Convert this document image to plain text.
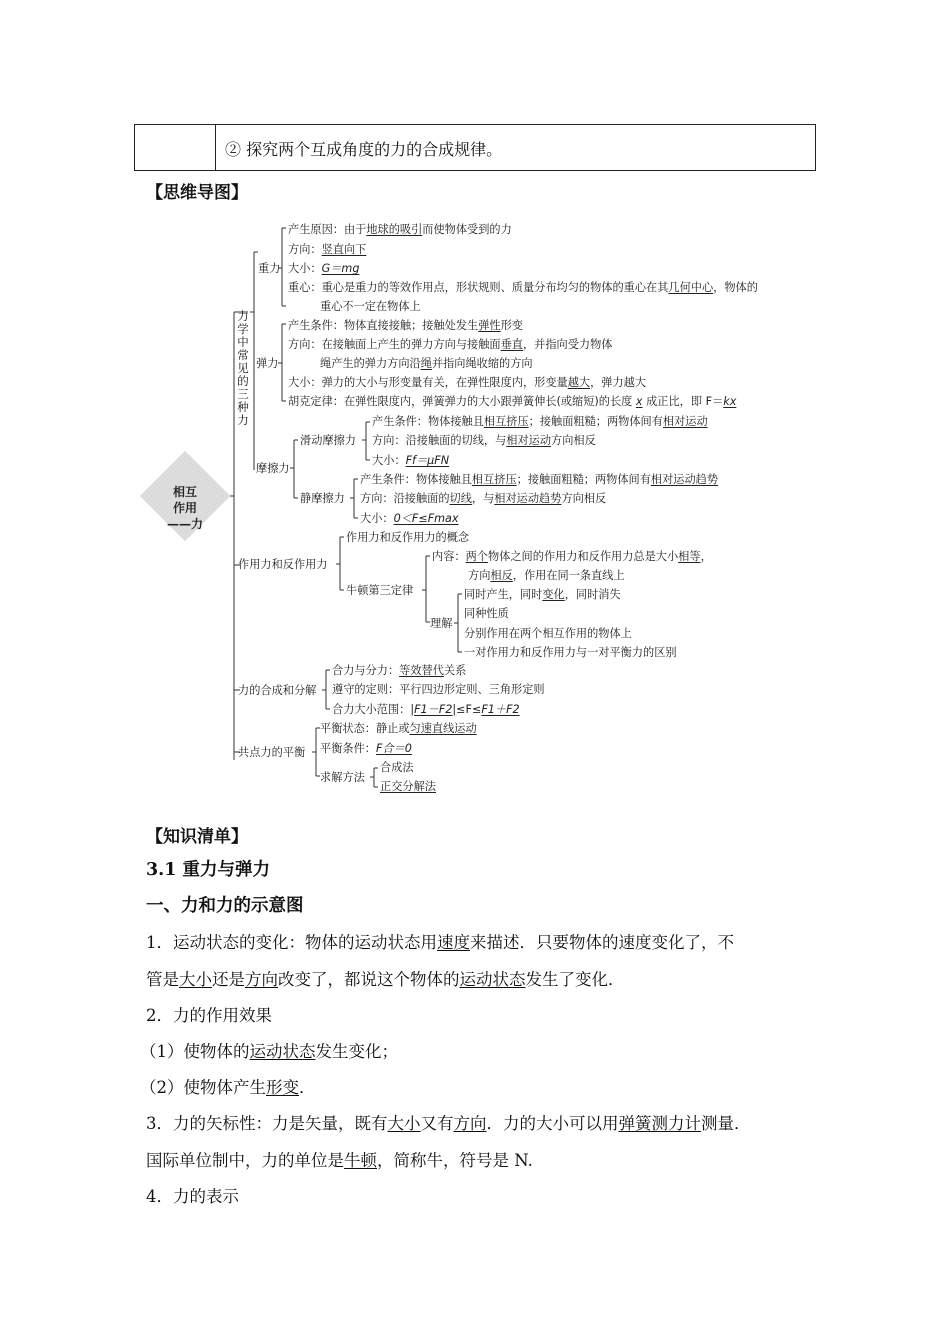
② 探究两个互成角度的力的合成规律。
【思维导图】
相互
作用
——力
力学中常见的三种力
重力
产生原因：由于地球的吸引而使物体受到的力
方向：竖直向下
大小：G＝mg
重心：重心是重力的等效作用点，形状规则、质量分布均匀的物体的重心在其几何中心，物体的
重心不一定在物体上
弹力
产生条件：物体直接接触；接触处发生弹性形变
方向：在接触面上产生的弹力方向与接触面垂直，并指向受力物体
绳产生的弹力方向沿绳并指向绳收缩的方向
大小：弹力的大小与形变量有关，在弹性限度内，形变量越大，弹力越大
胡克定律：在弹性限度内，弹簧弹力的大小跟弹簧伸长(或缩短)的长度 x 成正比，即 F＝kx
摩擦力
滑动摩擦力
产生条件：物体接触且相互挤压；接触面粗糙；两物体间有相对运动
方向：沿接触面的切线，与相对运动方向相反
大小：Ff＝μFN
静摩擦力
产生条件：物体接触且相互挤压；接触面粗糙；两物体间有相对运动趋势
方向：沿接触面的切线，与相对运动趋势方向相反
大小：0＜F≤Fmax
作用力和反作用力
作用力和反作用力的概念
牛顿第三定律
内容：两个物体之间的作用力和反作用力总是大小相等，
方向相反，作用在同一条直线上
理解
同时产生，同时变化，同时消失
同种性质
分别作用在两个相互作用的物体上
一对作用力和反作用力与一对平衡力的区别
力的合成和分解
合力与分力：等效替代关系
遵守的定则：平行四边形定则、三角形定则
合力大小范围：|F1－F2|≤F≤F1＋F2
共点力的平衡
平衡状态：静止或匀速直线运动
平衡条件：F合＝0
求解方法
合成法
正交分解法
【知识清单】
3.1 重力与弹力
一、力和力的示意图
1．运动状态的变化：物体的运动状态用速度来描述．只要物体的速度变化了，不
管是大小还是方向改变了，都说这个物体的运动状态发生了变化．
2．力的作用效果
（1）使物体的运动状态发生变化；
（2）使物体产生形变．
3．力的矢标性：力是矢量，既有大小又有方向．力的大小可以用弹簧测力计测量．
国际单位制中，力的单位是牛顿，简称牛，符号是 N.
4．力的表示
